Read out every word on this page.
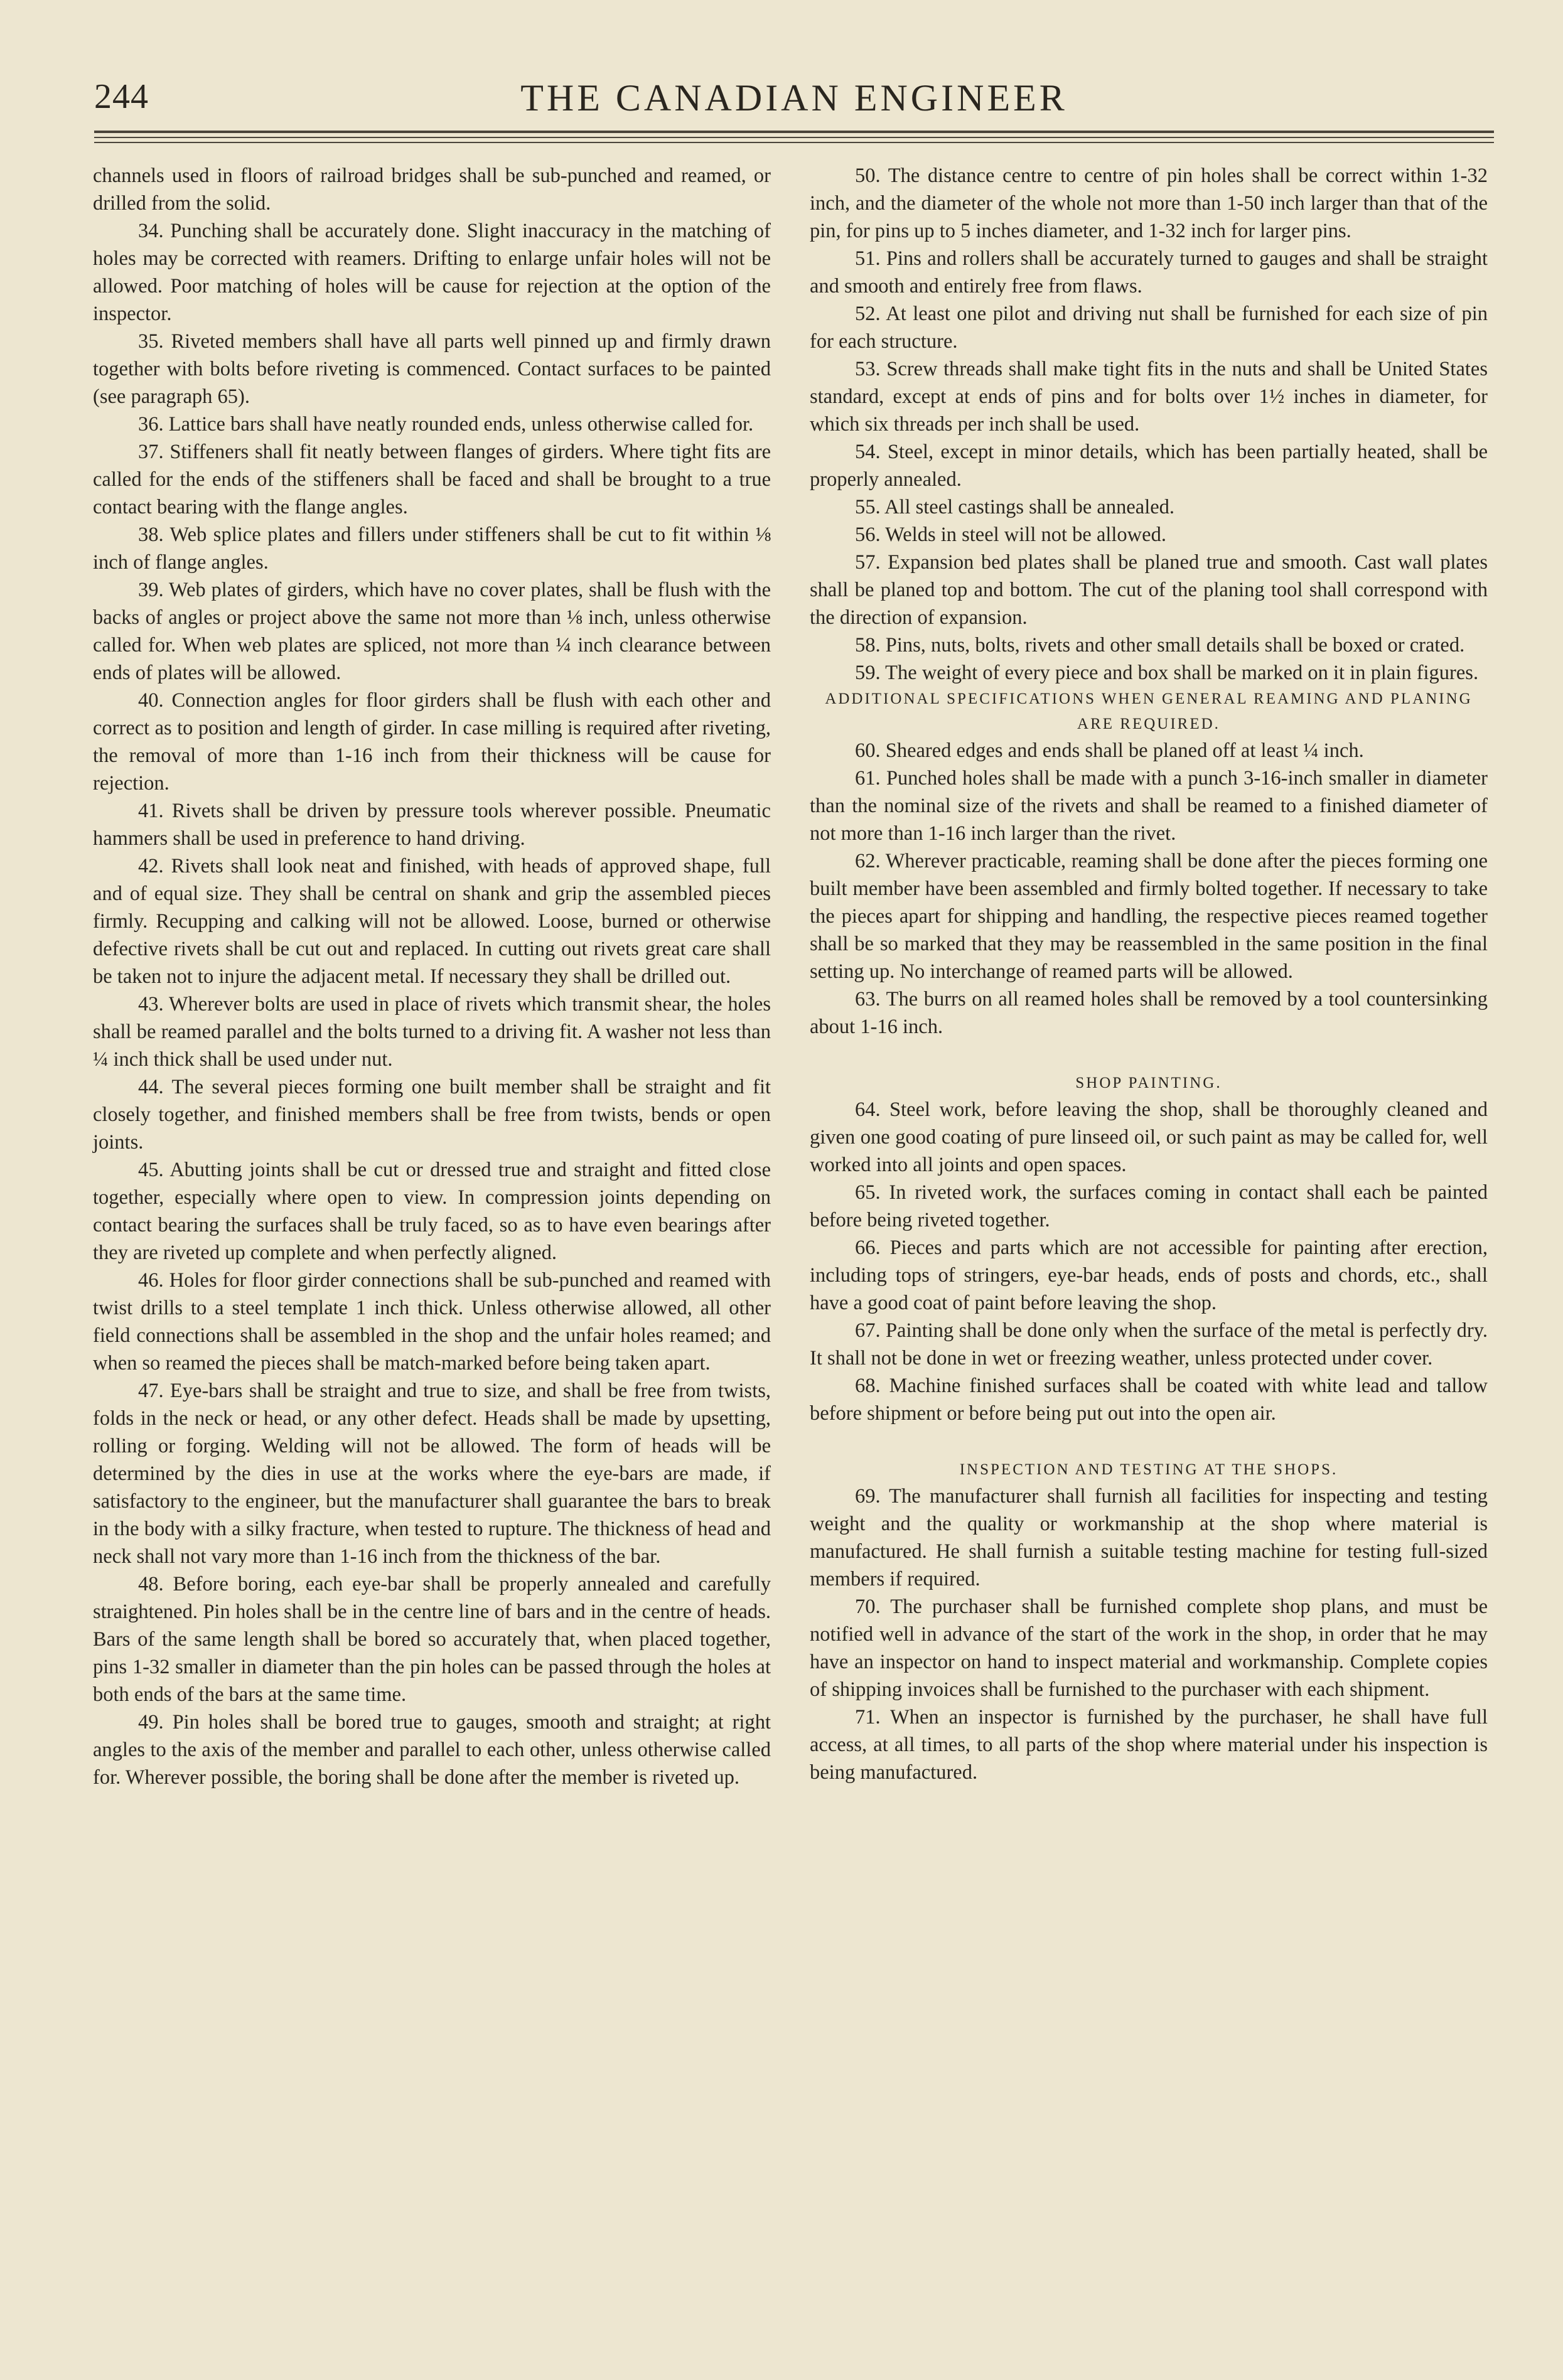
244	THE CANADIAN ENGINEER

channels used in floors of railroad bridges shall be sub-punched and reamed, or drilled from the solid.

34. Punching shall be accurately done. Slight inaccuracy in the matching of holes may be corrected with reamers. Drifting to enlarge unfair holes will not be allowed. Poor matching of holes will be cause for rejection at the option of the inspector.

35. Riveted members shall have all parts well pinned up and firmly drawn together with bolts before riveting is commenced. Contact surfaces to be painted (see paragraph 65).

36. Lattice bars shall have neatly rounded ends, unless otherwise called for.

37. Stiffeners shall fit neatly between flanges of girders. Where tight fits are called for the ends of the stiffeners shall be faced and shall be brought to a true contact bearing with the flange angles.

38. Web splice plates and fillers under stiffeners shall be cut to fit within ⅛ inch of flange angles.

39. Web plates of girders, which have no cover plates, shall be flush with the backs of angles or project above the same not more than ⅛ inch, unless otherwise called for. When web plates are spliced, not more than ¼ inch clearance between ends of plates will be allowed.

40. Connection angles for floor girders shall be flush with each other and correct as to position and length of girder. In case milling is required after riveting, the removal of more than 1-16 inch from their thickness will be cause for rejection.

41. Rivets shall be driven by pressure tools wherever possible. Pneumatic hammers shall be used in preference to hand driving.

42. Rivets shall look neat and finished, with heads of approved shape, full and of equal size. They shall be central on shank and grip the assembled pieces firmly. Recupping and calking will not be allowed. Loose, burned or otherwise defective rivets shall be cut out and replaced. In cutting out rivets great care shall be taken not to injure the adjacent metal. If necessary they shall be drilled out.

43. Wherever bolts are used in place of rivets which transmit shear, the holes shall be reamed parallel and the bolts turned to a driving fit. A washer not less than ¼ inch thick shall be used under nut.

44. The several pieces forming one built member shall be straight and fit closely together, and finished members shall be free from twists, bends or open joints.

45. Abutting joints shall be cut or dressed true and straight and fitted close together, especially where open to view. In compression joints depending on contact bearing the surfaces shall be truly faced, so as to have even bearings after they are riveted up complete and when perfectly aligned.

46. Holes for floor girder connections shall be sub-punched and reamed with twist drills to a steel template 1 inch thick. Unless otherwise allowed, all other field connections shall be assembled in the shop and the unfair holes reamed; and when so reamed the pieces shall be match-marked before being taken apart.

47. Eye-bars shall be straight and true to size, and shall be free from twists, folds in the neck or head, or any other defect. Heads shall be made by upsetting, rolling or forging. Welding will not be allowed. The form of heads will be determined by the dies in use at the works where the eye-bars are made, if satisfactory to the engineer, but the manufacturer shall guarantee the bars to break in the body with a silky fracture, when tested to rupture. The thickness of head and neck shall not vary more than 1-16 inch from the thickness of the bar.

48. Before boring, each eye-bar shall be properly annealed and carefully straightened. Pin holes shall be in the centre line of bars and in the centre of heads. Bars of the same length shall be bored so accurately that, when placed together, pins 1-32 smaller in diameter than the pin holes can be passed through the holes at both ends of the bars at the same time.

49. Pin holes shall be bored true to gauges, smooth and straight; at right angles to the axis of the member and parallel to each other, unless otherwise called for. Wherever possible, the boring shall be done after the member is riveted up.

50. The distance centre to centre of pin holes shall be correct within 1-32 inch, and the diameter of the whole not more than 1-50 inch larger than that of the pin, for pins up to 5 inches diameter, and 1-32 inch for larger pins.

51. Pins and rollers shall be accurately turned to gauges and shall be straight and smooth and entirely free from flaws.

52. At least one pilot and driving nut shall be furnished for each size of pin for each structure.

53. Screw threads shall make tight fits in the nuts and shall be United States standard, except at ends of pins and for bolts over 1½ inches in diameter, for which six threads per inch shall be used.

54. Steel, except in minor details, which has been partially heated, shall be properly annealed.

55. All steel castings shall be annealed.

56. Welds in steel will not be allowed.

57. Expansion bed plates shall be planed true and smooth. Cast wall plates shall be planed top and bottom. The cut of the planing tool shall correspond with the direction of expansion.

58. Pins, nuts, bolts, rivets and other small details shall be boxed or crated.

59. The weight of every piece and box shall be marked on it in plain figures.

ADDITIONAL SPECIFICATIONS WHEN GENERAL REAMING AND PLANING ARE REQUIRED.

60. Sheared edges and ends shall be planed off at least ¼ inch.

61. Punched holes shall be made with a punch 3-16-inch smaller in diameter than the nominal size of the rivets and shall be reamed to a finished diameter of not more than 1-16 inch larger than the rivet.

62. Wherever practicable, reaming shall be done after the pieces forming one built member have been assembled and firmly bolted together. If necessary to take the pieces apart for shipping and handling, the respective pieces reamed together shall be so marked that they may be reassembled in the same position in the final setting up. No interchange of reamed parts will be allowed.

63. The burrs on all reamed holes shall be removed by a tool countersinking about 1-16 inch.

SHOP PAINTING.

64. Steel work, before leaving the shop, shall be thoroughly cleaned and given one good coating of pure linseed oil, or such paint as may be called for, well worked into all joints and open spaces.

65. In riveted work, the surfaces coming in contact shall each be painted before being riveted together.

66. Pieces and parts which are not accessible for painting after erection, including tops of stringers, eye-bar heads, ends of posts and chords, etc., shall have a good coat of paint before leaving the shop.

67. Painting shall be done only when the surface of the metal is perfectly dry. It shall not be done in wet or freezing weather, unless protected under cover.

68. Machine finished surfaces shall be coated with white lead and tallow before shipment or before being put out into the open air.

INSPECTION AND TESTING AT THE SHOPS.

69. The manufacturer shall furnish all facilities for inspecting and testing weight and the quality or workmanship at the shop where material is manufactured. He shall furnish a suitable testing machine for testing full-sized members if required.

70. The purchaser shall be furnished complete shop plans, and must be notified well in advance of the start of the work in the shop, in order that he may have an inspector on hand to inspect material and workmanship. Complete copies of shipping invoices shall be furnished to the purchaser with each shipment.

71. When an inspector is furnished by the purchaser, he shall have full access, at all times, to all parts of the shop where material under his inspection is being manufactured.
